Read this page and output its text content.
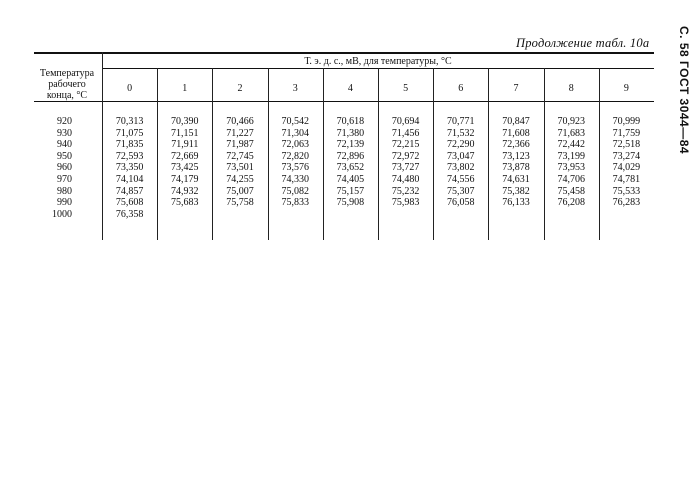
Продолжение табл. 10а	С. 58 ГОСТ 3044—84
Температура рабочего конца, °С
Т. э. д. с., мВ, для температуры, °С
0	1	2	3	4	5	6	7	8	9
920	70,313	70,390	70,466	70,542	70,618	70,694	70,771	70,847	70,923	70,999
930	71,075	71,151	71,227	71,304	71,380	71,456	71,532	71,608	71,683	71,759
940	71,835	71,911	71,987	72,063	72,139	72,215	72,290	72,366	72,442	72,518
950	72,593	72,669	72,745	72,820	72,896	72,972	73,047	73,123	73,199	73,274
960	73,350	73,425	73,501	73,576	73,652	73,727	73,802	73,878	73,953	74,029
970	74,104	74,179	74,255	74,330	74,405	74,480	74,556	74,631	74,706	74,781
980	74,857	74,932	75,007	75,082	75,157	75,232	75,307	75,382	75,458	75,533
990	75,608	75,683	75,758	75,833	75,908	75,983	76,058	76,133	76,208	76,283
1000	76,358
